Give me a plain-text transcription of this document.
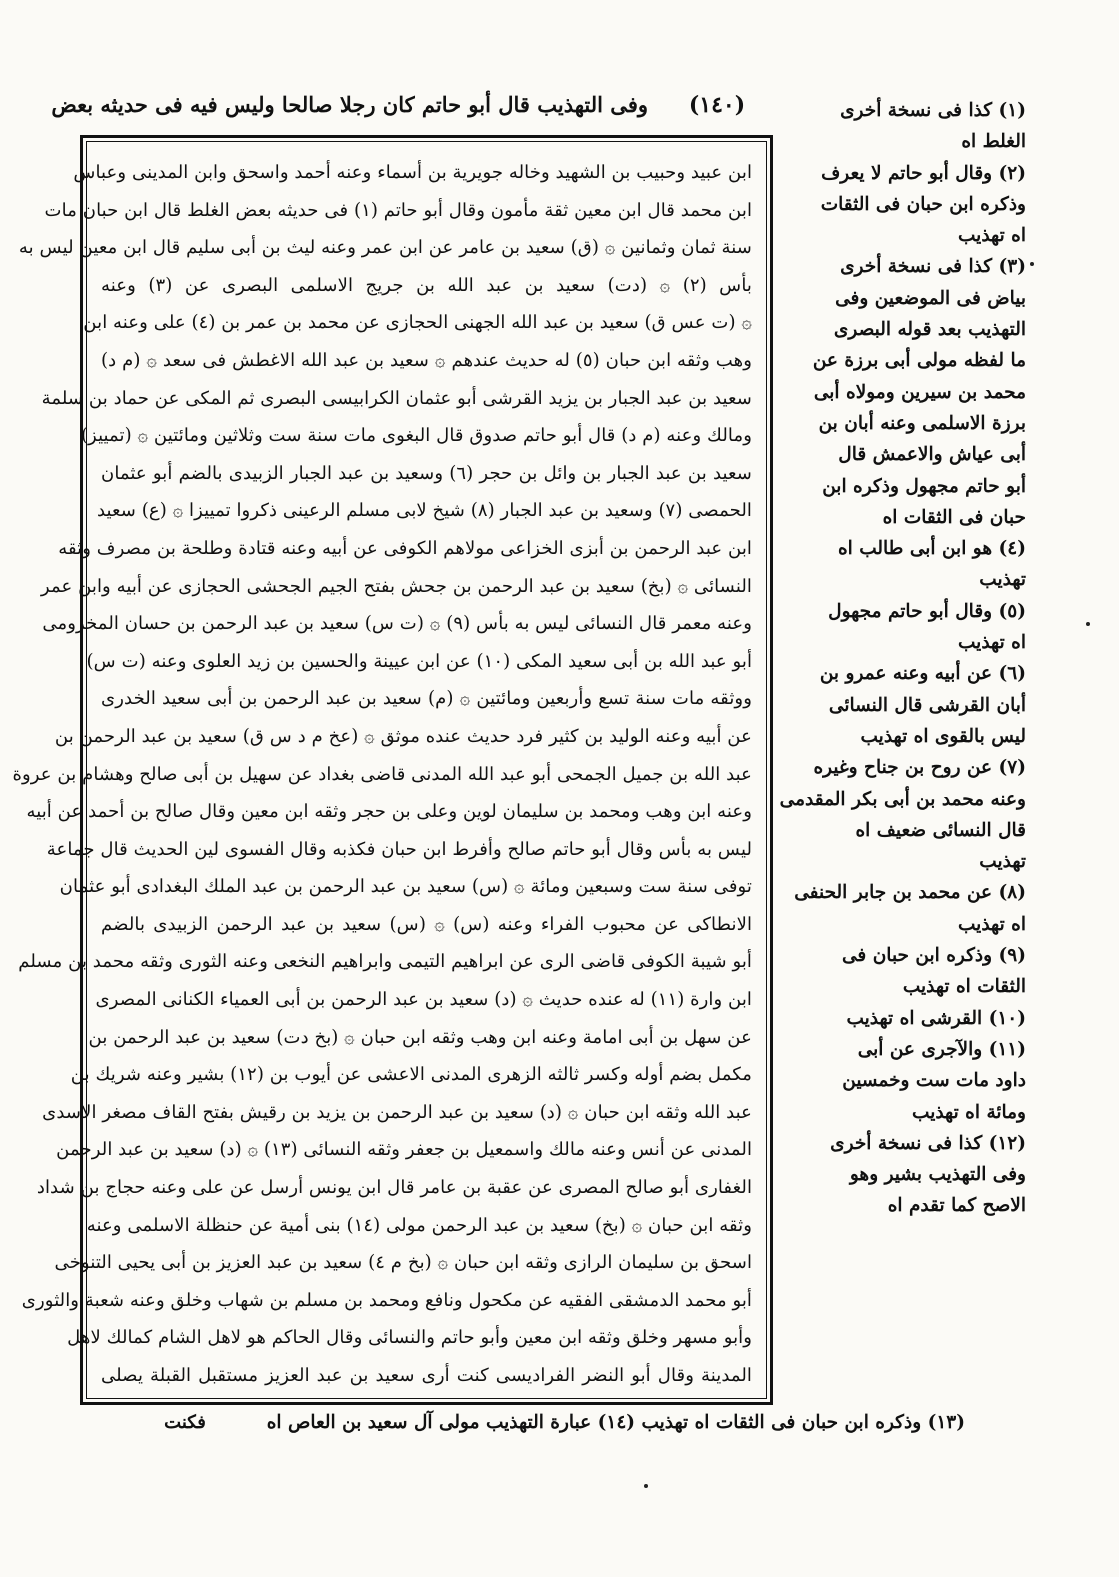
وفى التهذيب قال أبو حاتم كان رجلا صالحا وليس فيه فى حديثه بعض	(١٤٠)
ابن عبيد وحبيب بن الشهيد وخاله جويرية بن أسماء وعنه أحمد واسحق وابن المدينى وعباس
ابن محمد قال ابن معين ثقة مأمون وقال أبو حاتم (١) فى حديثه بعض الغلط قال ابن حبان مات
سنة ثمان وثمانين ۞ (ق) سعيد بن عامر عن ابن عمر وعنه ليث بن أبى سليم قال ابن معين ليس به
بأس (٢) ۞ (دت) سعيد بن عبد الله بن جريج الاسلمى البصرى عن (٣) وعنه
۞ (ت عس ق) سعيد بن عبد الله الجهنى الحجازى عن محمد بن عمر بن (٤) على وعنه ابن
وهب وثقه ابن حبان (٥) له حديث عندهم ۞ سعيد بن عبد الله الاغطش فى سعد ۞ (م د)
سعيد بن عبد الجبار بن يزيد القرشى أبو عثمان الكرابيسى البصرى ثم المكى عن حماد بن سلمة
ومالك وعنه (م د) قال أبو حاتم صدوق قال البغوى مات سنة ست وثلاثين ومائتين ۞ (تمييز)
سعيد بن عبد الجبار بن وائل بن حجر (٦) وسعيد بن عبد الجبار الزبيدى بالضم أبو عثمان
الحمصى (٧) وسعيد بن عبد الجبار (٨) شيخ لابى مسلم الرعينى ذكروا تمييزا ۞ (ع) سعيد
ابن عبد الرحمن بن أبزى الخزاعى مولاهم الكوفى عن أبيه وعنه قتادة وطلحة بن مصرف وثقه
النسائى ۞ (بخ) سعيد بن عبد الرحمن بن جحش بفتح الجيم الجحشى الحجازى عن أبيه وابن عمر
وعنه معمر قال النسائى ليس به بأس (٩) ۞ (ت س) سعيد بن عبد الرحمن بن حسان المخزومى
أبو عبد الله بن أبى سعيد المكى (١٠) عن ابن عيينة والحسين بن زيد العلوى وعنه (ت س)
ووثقه مات سنة تسع وأربعين ومائتين ۞ (م) سعيد بن عبد الرحمن بن أبى سعيد الخدرى
عن أبيه وعنه الوليد بن كثير فرد حديث عنده موثق ۞ (عخ م د س ق) سعيد بن عبد الرحمن بن
عبد الله بن جميل الجمحى أبو عبد الله المدنى قاضى بغداد عن سهيل بن أبى صالح وهشام بن عروة
وعنه ابن وهب ومحمد بن سليمان لوين وعلى بن حجر وثقه ابن معين وقال صالح بن أحمد عن أبيه
ليس به بأس وقال أبو حاتم صالح وأفرط ابن حبان فكذبه وقال الفسوى لين الحديث قال جماعة
توفى سنة ست وسبعين ومائة ۞ (س) سعيد بن عبد الرحمن بن عبد الملك البغدادى أبو عثمان
الانطاكى عن محبوب الفراء وعنه (س) ۞ (س) سعيد بن عبد الرحمن الزبيدى بالضم
أبو شيبة الكوفى قاضى الرى عن ابراهيم التيمى وابراهيم النخعى وعنه الثورى وثقه محمد بن مسلم
ابن وارة (١١) له عنده حديث ۞ (د) سعيد بن عبد الرحمن بن أبى العمياء الكنانى المصرى
عن سهل بن أبى امامة وعنه ابن وهب وثقه ابن حبان ۞ (بخ دت) سعيد بن عبد الرحمن بن
مكمل بضم أوله وكسر ثالثه الزهرى المدنى الاعشى عن أيوب بن (١٢) بشير وعنه شريك بن
عبد الله وثقه ابن حبان ۞ (د) سعيد بن عبد الرحمن بن يزيد بن رقيش بفتح القاف مصغر الاسدى
المدنى عن أنس وعنه مالك واسمعيل بن جعفر وثقه النسائى (١٣) ۞ (د) سعيد بن عبد الرحمن
الغفارى أبو صالح المصرى عن عقبة بن عامر قال ابن يونس أرسل عن على وعنه حجاج بن شداد
وثقه ابن حبان ۞ (بخ) سعيد بن عبد الرحمن مولى (١٤) بنى أمية عن حنظلة الاسلمى وعنه
اسحق بن سليمان الرازى وثقه ابن حبان ۞ (بخ م ٤) سعيد بن عبد العزيز بن أبى يحيى التنوخى
أبو محمد الدمشقى الفقيه عن مكحول ونافع ومحمد بن مسلم بن شهاب وخلق وعنه شعبة والثورى
وأبو مسهر وخلق وثقه ابن معين وأبو حاتم والنسائى وقال الحاكم هو لاهل الشام كمالك لاهل
المدينة وقال أبو النضر الفراديسى كنت أرى سعيد بن عبد العزيز مستقبل القبلة يصلى
(١) كذا فى نسخة أخرى
الغلط اه
(٢) وقال أبو حاتم لا يعرف
وذكره ابن حبان فى الثقات
اه تهذيب
(٣) كذا فى نسخة أخرى
بياض فى الموضعين وفى
التهذيب بعد قوله البصرى
ما لفظه مولى أبى برزة عن
محمد بن سيرين ومولاه أبى
برزة الاسلمى وعنه أبان بن
أبى عياش والاعمش قال
أبو حاتم مجهول وذكره ابن
حبان فى الثقات اه
(٤) هو ابن أبى طالب اه
تهذيب
(٥) وقال أبو حاتم مجهول
اه تهذيب
(٦) عن أبيه وعنه عمرو بن
أبان القرشى قال النسائى
ليس بالقوى اه تهذيب
(٧) عن روح بن جناح وغيره
وعنه محمد بن أبى بكر المقدمى
قال النسائى ضعيف اه
تهذيب
(٨) عن محمد بن جابر الحنفى
اه تهذيب
(٩) وذكره ابن حبان فى
الثقات اه تهذيب
(١٠) القرشى اه تهذيب
(١١) والآجرى عن أبى
داود مات ست وخمسين
ومائة اه تهذيب
(١٢) كذا فى نسخة أخرى
وفى التهذيب بشير وهو
الاصح كما تقدم اه
(١٣) وذكره ابن حبان فى الثقات اه تهذيب (١٤) عبارة التهذيب مولى آل سعيد بن العاص اه
فكنت
